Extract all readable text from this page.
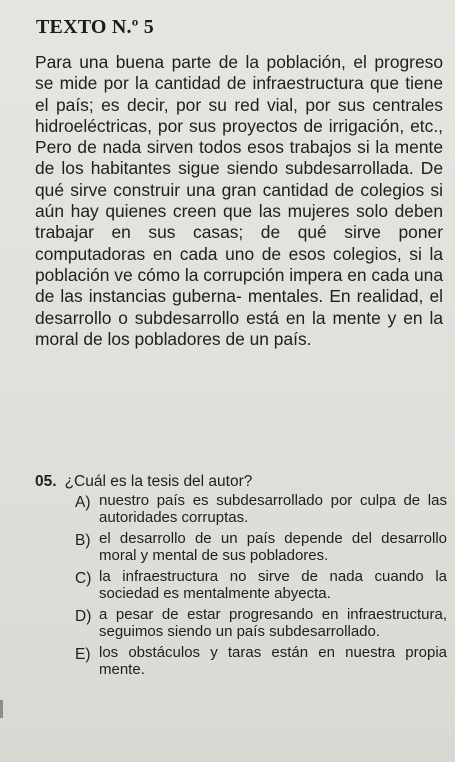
TEXTO N.º 5
Para una buena parte de la población, el progreso se mide por la cantidad de infraestructura que tiene el país; es decir, por su red vial, por sus centrales hidroeléctricas, por sus proyectos de irrigación, etc., Pero de nada sirven todos esos trabajos si la mente de los habitantes sigue siendo subdesarrollada. De qué sirve construir una gran cantidad de colegios si aún hay quienes creen que las mujeres solo deben trabajar en sus casas; de qué sirve poner computadoras en cada uno de esos colegios, si la población ve cómo la corrupción impera en cada una de las instancias guberna- mentales. En realidad, el desarrollo o subdesarrollo está en la mente y en la moral de los pobladores de un país.
05. ¿Cuál es la tesis del autor?
A) nuestro país es subdesarrollado por culpa de las autoridades corruptas.
B) el desarrollo de un país depende del desarrollo moral y mental de sus pobladores.
C) la infraestructura no sirve de nada cuando la sociedad es mentalmente abyecta.
D) a pesar de estar progresando en infraestructura, seguimos siendo un país subdesarrollado.
E) los obstáculos y taras están en nuestra propia mente.
